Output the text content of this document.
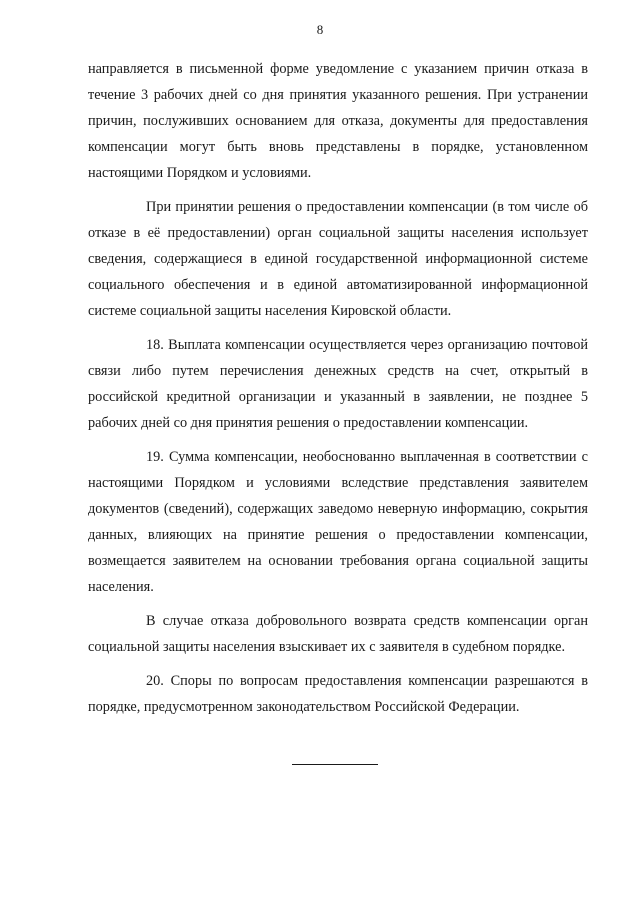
8

направляется в письменной форме уведомление с указанием причин отказа в течение 3 рабочих дней со дня принятия указанного решения. При устранении причин, послуживших основанием для отказа, документы для предоставления компенсации могут быть вновь представлены в порядке, установленном настоящими Порядком и условиями.

При принятии решения о предоставлении компенсации (в том числе об отказе в её предоставлении) орган социальной защиты населения использует сведения, содержащиеся в единой государственной информационной системе социального обеспечения и в единой автоматизированной информационной системе социальной защиты населения Кировской области.

18. Выплата компенсации осуществляется через организацию почтовой связи либо путем перечисления денежных средств на счет, открытый в российской кредитной организации и указанный в заявлении, не позднее 5 рабочих дней со дня принятия решения о предоставлении компенсации.

19. Сумма компенсации, необоснованно выплаченная в соответствии с настоящими Порядком и условиями вследствие представления заявителем документов (сведений), содержащих заведомо неверную информацию, сокрытия данных, влияющих на принятие решения о предоставлении компенсации, возмещается заявителем на основании требования органа социальной защиты населения.

В случае отказа добровольного возврата средств компенсации орган социальной защиты населения взыскивает их с заявителя в судебном порядке.

20. Споры по вопросам предоставления компенсации разрешаются в порядке, предусмотренном законодательством Российской Федерации.
